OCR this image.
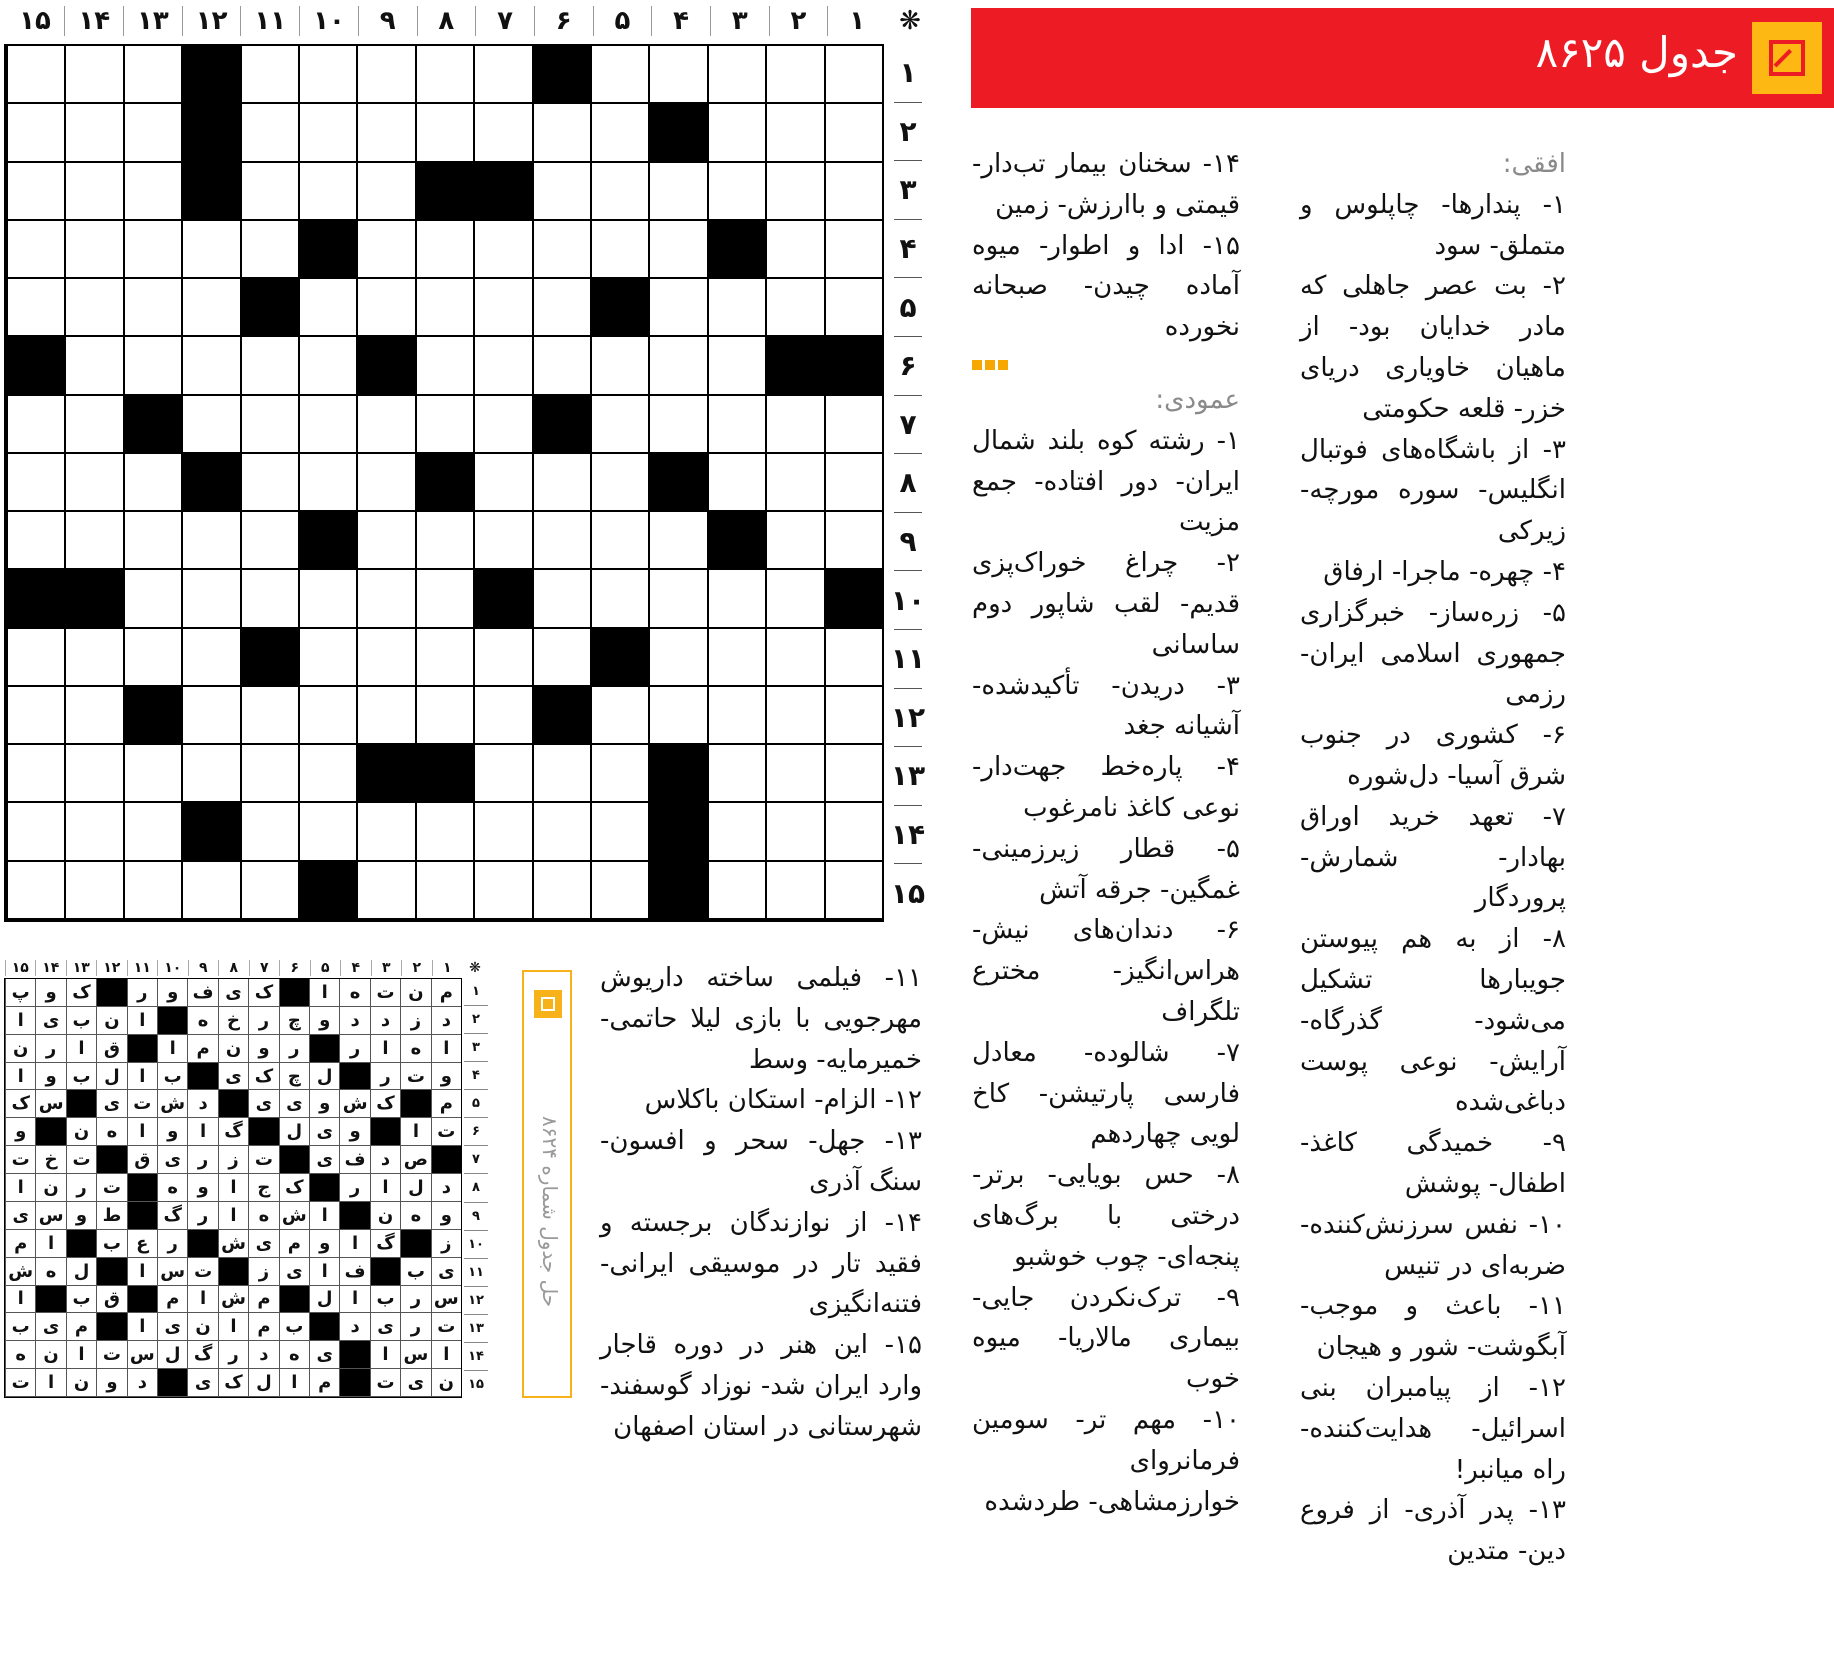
❋
۱
۲
۳
۴
۵
۶
۷
۸
۹
۱۰
۱۱
۱۲
۱۳
۱۴
۱۵
۱
۲
۳
۴
۵
۶
۷
۸
۹
۱۰
۱۱
۱۲
۱۳
۱۴
۱۵
جدول ۸۶۲۵

افقی:

۱- پندارها- چاپلوس و متملق- سود

۲- بت عصر جاهلی که مادر خدایان بود- از ماهیان خاویاری دریای خزر- قلعه حکومتی

۳- از باشگاه‌های فوتبال انگلیس- سوره مورچه- زیرکی

۴- چهره- ماجرا- ارفاق

۵- زره‌ساز- خبرگزاری جمهوری اسلامی ایران- رزمی

۶- کشوری در جنوب شرق آسیا- دل‌شوره

۷- تعهد خرید اوراق بهادار- شمارش- پروردگار

۸- از به هم پیوستن جویبارها تشکیل می‌شود- گذرگاه- آرایش- نوعی پوست دباغی‌شده

۹- خمیدگی کاغذ- اطفال- پوشش

۱۰- نفس سرزنش‌کننده- ضربه‌ای در تنیس

۱۱- باعث و موجب- آبگوشت- شور و هیجان

۱۲- از پیامبران بنی اسرائیل- هدایت‌کننده- راه میانبر!

۱۳- پدر آذری- از فروع دین- متدین

۱۴- سخنان بیمار تب‌دار- قیمتی و باارزش- زمین

۱۵- ادا و اطوار- میوه آماده چیدن- صبحانه نخورده

عمودی:

۱- رشته کوه بلند شمال ایران- دور افتاده- جمع مزیت

۲- چراغ خوراک‌پزی قدیم- لقب شاپور دوم ساسانی

۳- دریدن- تأکیدشده- آشیانه جغد

۴- پاره‌خط جهت‌دار- نوعی کاغذ نامرغوب

۵- قطار زیرزمینی- غمگین- جرقه آتش

۶- دندان‌های نیش- هراس‌انگیز- مخترع تلگراف

۷- شالوده- معادل فارسی پارتیشن- کاخ لویی چهاردهم

۸- حس بویایی- برتر- درختی با برگ‌های پنجه‌ای- چوب خوشبو

۹- ترک‌نکردن جایی- بیماری مالاریا- میوه خوب

۱۰- مهم تر- سومین فرمانروای خوارزمشاهی- طردشده

۱۱- فیلمی ساخته داریوش مهرجویی با بازی لیلا حاتمی- خمیرمایه- وسط

۱۲- الزام- استکان باکلاس

۱۳- جهل- سحر و افسون- سنگ آذری

۱۴- از نوازندگان برجسته و فقید تار در موسیقی ایرانی- فتنه‌انگیزی

۱۵- این هنر در دوره قاجار وارد ایران شد- نوزاد گوسفند- شهرستانی در استان اصفهان

❋
۱
۲
۳
۴
۵
۶
۷
۸
۹
۱۰
۱۱
۱۲
۱۳
۱۴
۱۵
م
ن
ت
ه
ا
ک
ی
ف
و
ر
ک
و
پ
د
ز
د
د
و
چ
ر
خ
ه
ا
ن
ب
ی
ا
ا
ه
ا
ر
ر
و
ن
م
ا
ق
ا
ر
ن
و
ت
ر
ل
چ
ک
ی
ب
ا
ل
ب
و
ا
م
ک
ش
و
ی
ی
د
ش
ت
ی
س
ک
ت
ا
و
ی
ل
گ
ا
و
ا
ه
ن
و
ص
د
ف
ی
ت
ز
ر
ی
ق
ت
خ
ت
د
ل
ا
ر
ک
ج
ا
و
ه
ت
ر
ن
ا
و
ه
ن
ا
ش
ه
ا
ر
گ
ط
و
س
ی
ز
گ
ا
و
م
ی
ش
ر
ع
ب
ا
م
ی
ب
ف
ا
ی
ز
ت
س
ا
ل
ه
ش
س
ر
ب
ا
ل
م
ش
ا
م
ق
ب
ا
ت
ر
ی
د
ب
م
ا
ن
ی
ا
م
ی
ب
ا
س
ا
ی
ه
د
ر
گ
ل
س
ت
ا
ن
ه
ن
ی
ت
م
ا
ل
ک
ی
د
و
ن
ا
ت
۱
۲
۳
۴
۵
۶
۷
۸
۹
۱۰
۱۱
۱۲
۱۳
۱۴
۱۵
حل جدول شماره ۸۶۲۴
